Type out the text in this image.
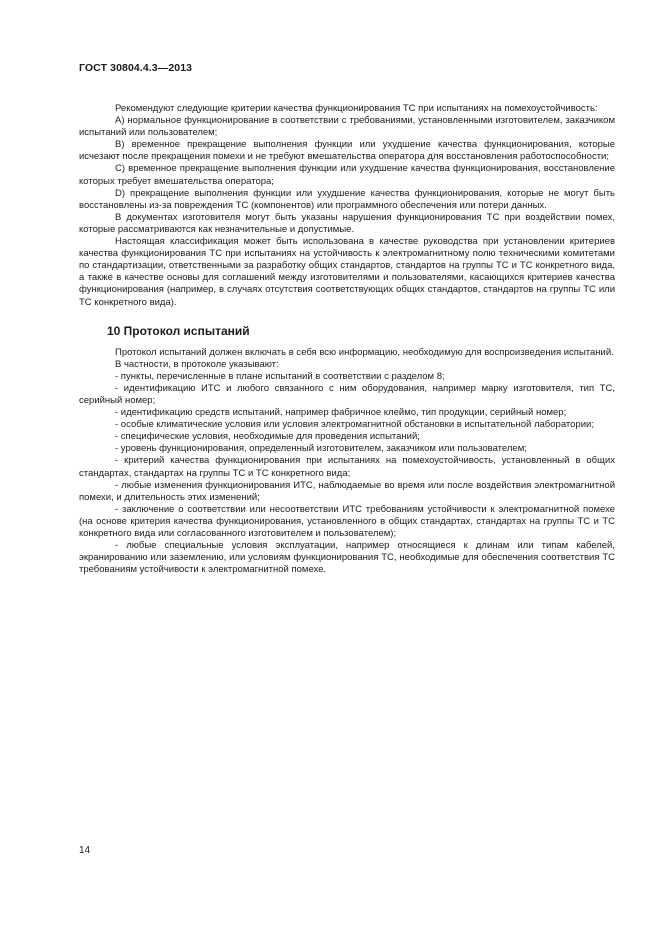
ГОСТ 30804.4.3—2013

Рекомендуют следующие критерии качества функционирования ТС при испытаниях на помехоустойчивость:

A) нормальное функционирование в соответствии с требованиями, установленными изготовителем, заказчиком испытаний или пользователем;

B) временное прекращение выполнения функции или ухудшение качества функционирования, которые исчезают после прекращения помехи и не требуют вмешательства оператора для восстановления работоспособности;

C) временное прекращение выполнения функции или ухудшение качества функционирования, восстановление которых требует вмешательства оператора;

D) прекращение выполнения функции или ухудшение качества функционирования, которые не могут быть восстановлены из-за повреждения ТС (компонентов) или программного обеспечения или потери данных.

В документах изготовителя могут быть указаны нарушения функционирования ТС при воздействии помех, которые рассматриваются как незначительные и допустимые.

Настоящая классификация может быть использована в качестве руководства при установлении критериев качества функционирования ТС при испытаниях на устойчивость к электромагнитному полю техническими комитетами по стандартизации, ответственными за разработку общих стандартов, стандартов на группы ТС и ТС конкретного вида, а также в качестве основы для соглашений между изготовителями и пользователями, касающихся критериев качества функционирования (например, в случаях отсутствия соответствующих общих стандартов, стандартов на группы ТС или ТС конкретного вида).

10 Протокол испытаний

Протокол испытаний должен включать в себя всю информацию, необходимую для воспроизведения испытаний.

В частности, в протоколе указывают:

- пункты, перечисленные в плане испытаний в соответствии с разделом 8;

- идентификацию ИТС и любого связанного с ним оборудования, например марку изготовителя, тип ТС, серийный номер;

- идентификацию средств испытаний, например фабричное клеймо, тип продукции, серийный номер;

- особые климатические условия или условия электромагнитной обстановки в испытательной лаборатории;

- специфические условия, необходимые для проведения испытаний;

- уровень функционирования, определенный изготовителем, заказчиком или пользователем;

- критерий качества функционирования при испытаниях на помехоустойчивость, установленный в общих стандартах, стандартах на группы ТС и ТС конкретного вида;

- любые изменения функционирования ИТС, наблюдаемые во время или после воздействия электромагнитной помехи, и длительность этих изменений;

- заключение о соответствии или несоответствии ИТС требованиям устойчивости к электромагнитной помехе (на основе критерия качества функционирования, установленного в общих стандартах, стандартах на группы ТС и ТС конкретного вида или согласованного изготовителем и пользователем);

- любые специальные условия эксплуатации, например относящиеся к длинам или типам кабелей, экранированию или заземлению, или условиям функционирования ТС, необходимые для обеспечения соответствия ТС требованиям устойчивости к электромагнитной помехе.

14
